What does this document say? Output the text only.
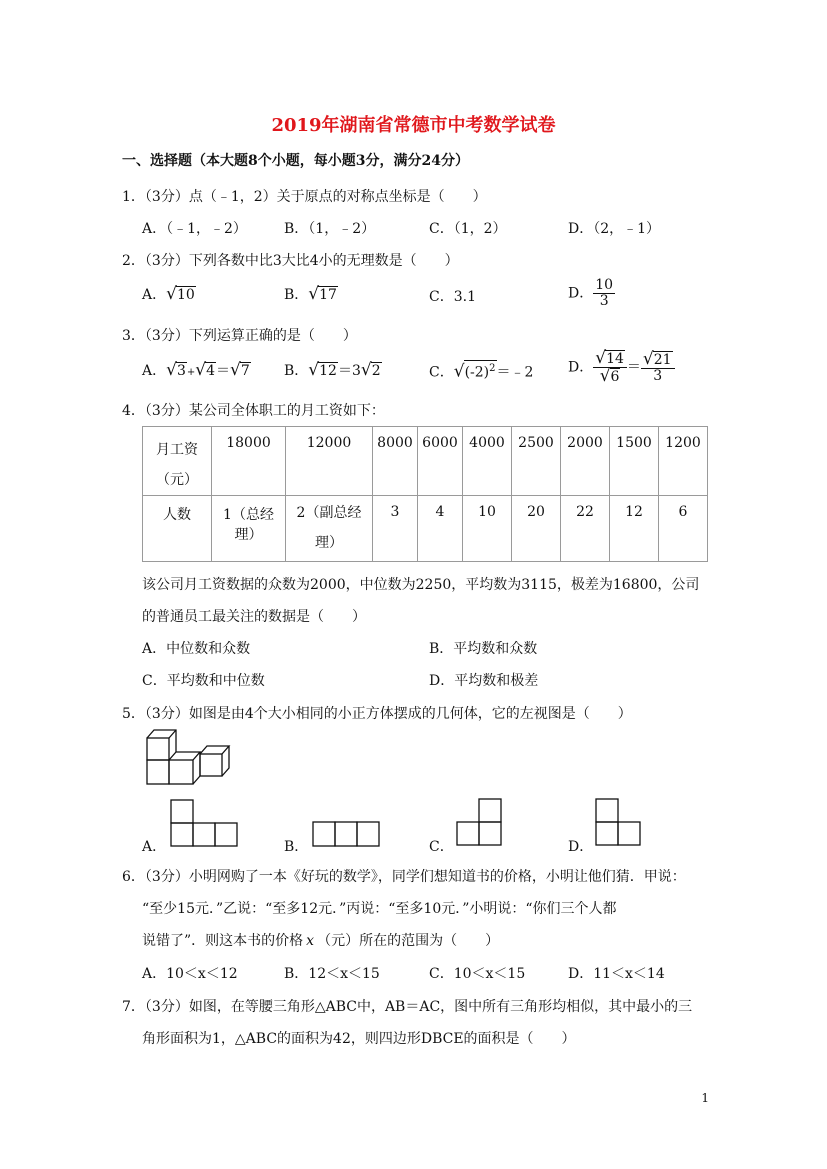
2019年湖南省常德市中考数学试卷
一、选择题（本大题8个小题，每小题3分，满分24分）
1．（3分）点（﹣1，2）关于原点的对称点坐标是（　　）
A．（﹣1，﹣2）	B．（1，﹣2）	C．（1，2）	D．（2，﹣1）
2．（3分）下列各数中比3大比4小的无理数是（　　）
A．√10	B．√17	C．3.1	D． $\frac{10}{3}$
3．（3分）下列运算正确的是（　　）
A．√3+√4＝√7 B．√12＝3√2	C．$√(-2)^2=﹣2$ D． $\frac{√14}{√6} = \frac{√21}{3}$
4．（3分）某公司全体职工的月工资如下：
月工资
（元）	18000	12000	8000	6000	4000	2500	2000	1500	1200
人数	1（总经理）	2（副总经
理）	3	4	10	20	22	12	6
该公司月工资数据的众数为2000，中位数为2250，平均数为3115，极差为16800，公司
的普通员工最关注的数据是（　　）
A．中位数和众数	B．平均数和众数
C．平均数和中位数	D．平均数和极差
5．（3分）如图是由4个大小相同的小正方体摆成的几何体，它的左视图是（　　）
A．	B．	C．	D．
6．（3分）小明网购了一本《好玩的数学》，同学们想知道书的价格，小明让他们猜．甲说：
“至少15元．”乙说：“至多12元．”丙说：“至多10元．”小明说：“你们三个人都
说错了”．则这本书的价格 x （元）所在的范围为（　　）
A．10＜x＜12	B．12＜x＜15	C．10＜x＜15	D．11＜x＜14
7．（3分）如图，在等腰三角形△ABC中，AB＝AC，图中所有三角形均相似，其中最小的三
角形面积为1，△ABC的面积为42，则四边形DBCE的面积是（　　）
1
